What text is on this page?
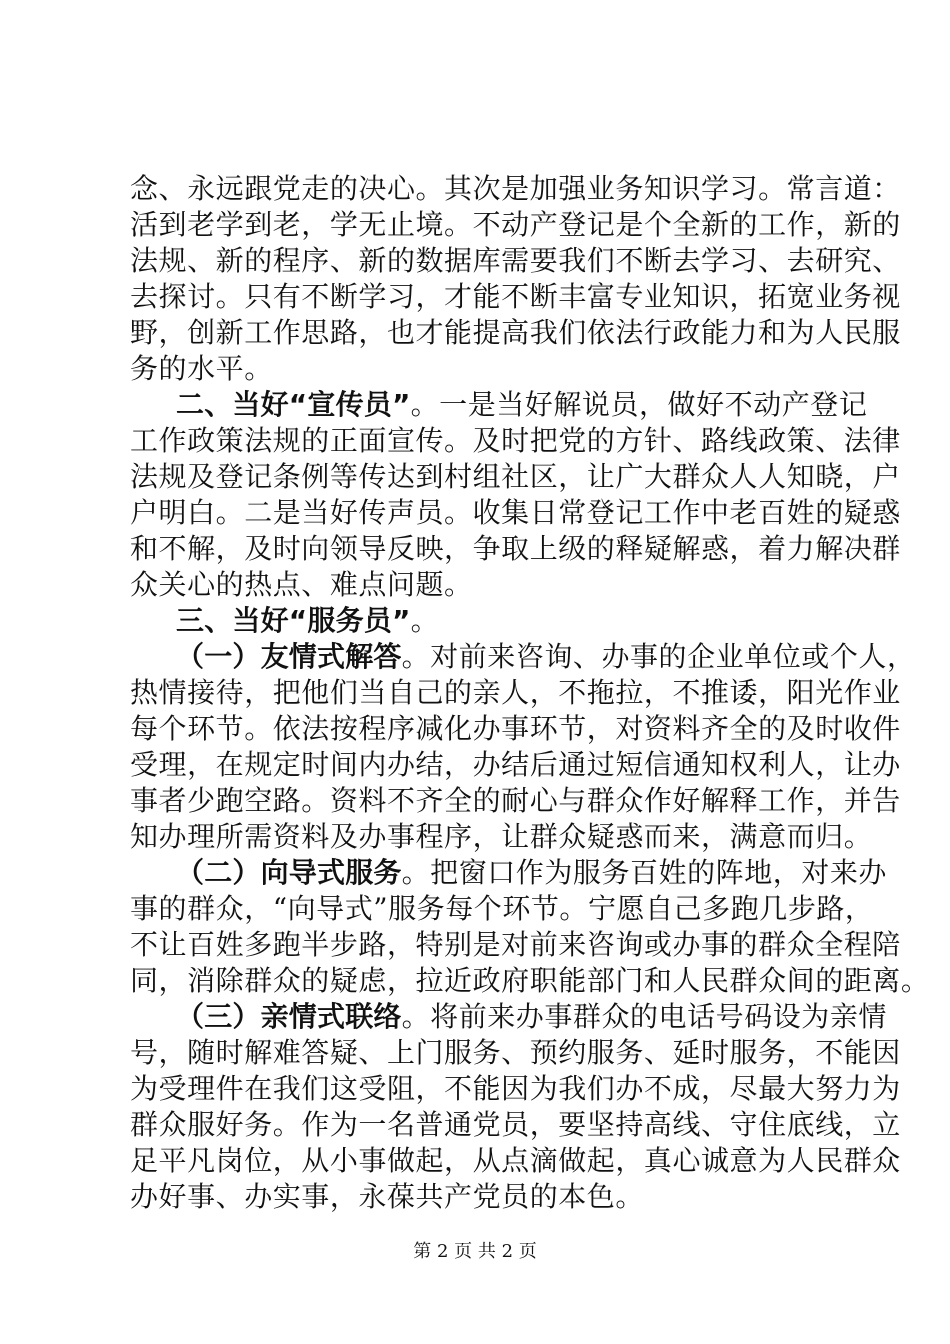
念、永远跟党走的决心。其次是加强业务知识学习。常言道：

活到老学到老，学无止境。不动产登记是个全新的工作，新的

法规、新的程序、新的数据库需要我们不断去学习、去研究、

去探讨。只有不断学习，才能不断丰富专业知识，拓宽业务视

野，创新工作思路，也才能提高我们依法行政能力和为人民服

务的水平。

二、当好“宣传员”。一是当好解说员，做好不动产登记

工作政策法规的正面宣传。及时把党的方针、路线政策、法律

法规及登记条例等传达到村组社区，让广大群众人人知晓，户

户明白。二是当好传声员。收集日常登记工作中老百姓的疑惑

和不解，及时向领导反映，争取上级的释疑解惑，着力解决群

众关心的热点、难点问题。

三、当好“服务员”。

（一）友情式解答。对前来咨询、办事的企业单位或个人，

热情接待，把他们当自己的亲人，不拖拉，不推诿，阳光作业

每个环节。依法按程序减化办事环节，对资料齐全的及时收件

受理，在规定时间内办结，办结后通过短信通知权利人，让办

事者少跑空路。资料不齐全的耐心与群众作好解释工作，并告

知办理所需资料及办事程序，让群众疑惑而来，满意而归。

（二）向导式服务。把窗口作为服务百姓的阵地，对来办

事的群众，“向导式”服务每个环节。宁愿自己多跑几步路，

不让百姓多跑半步路，特别是对前来咨询或办事的群众全程陪

同，消除群众的疑虑，拉近政府职能部门和人民群众间的距离。

（三）亲情式联络。将前来办事群众的电话号码设为亲情

号，随时解难答疑、上门服务、预约服务、延时服务，不能因

为受理件在我们这受阻，不能因为我们办不成，尽最大努力为

群众服好务。作为一名普通党员，要坚持高线、守住底线，立

足平凡岗位，从小事做起，从点滴做起，真心诚意为人民群众

办好事、办实事，永葆共产党员的本色。

第 2 页 共 2 页
